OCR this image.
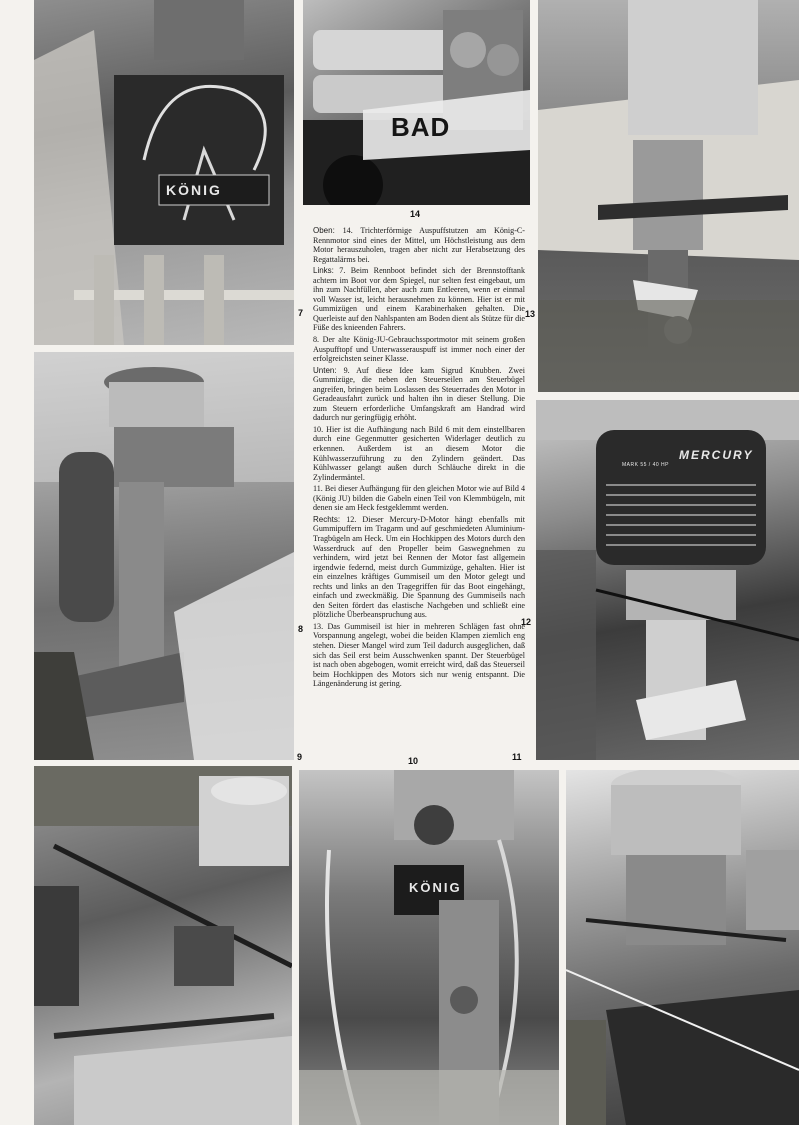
KÖNIG
7
BAD
14
13
8
MERCURY
MARK 55 / 40 HP
12

Oben: 14. Trichterförmige Auspuffstutzen am König-C-Rennmotor sind eines der Mittel, um Höchstleistung aus dem Motor herauszuholen, tragen aber nicht zur Herabsetzung des Regattalärms bei.

Links: 7. Beim Rennboot befindet sich der Brennstofftank achtern im Boot vor dem Spiegel, nur selten fest eingebaut, um ihn zum Nachfüllen, aber auch zum Entleeren, wenn er einmal voll Wasser ist, leicht herausnehmen zu können. Hier ist er mit Gummizügen und einem Karabinerhaken gehalten. Die Querleiste auf den Nahlspanten am Boden dient als Stütze für die Füße des knieenden Fahrers.

8. Der alte König-JU-Gebrauchssportmotor mit seinem großen Auspufftopf und Unterwasserauspuff ist immer noch einer der erfolgreichsten seiner Klasse.

Unten: 9. Auf diese Idee kam Sigrud Knubben. Zwei Gummizüge, die neben den Steuerseilen am Steuerbügel angreifen, bringen beim Loslassen des Steuerrades den Motor in Geradeausfahrt zurück und halten ihn in dieser Stellung. Die zum Steuern erforderliche Umfangskraft am Handrad wird dadurch nur geringfügig erhöht.

10. Hier ist die Aufhängung nach Bild 6 mit dem einstellbaren durch eine Gegenmutter gesicherten Widerlager deutlich zu erkennen. Außerdem ist an diesem Motor die Kühlwasserzuführung zu den Zylindern geändert. Das Kühlwasser gelangt außen durch Schläuche direkt in die Zylindermäntel.

11. Bei dieser Aufhängung für den gleichen Motor wie auf Bild 4 (König JU) bilden die Gabeln einen Teil von Klemmbügeln, mit denen sie am Heck festgeklemmt werden.

Rechts: 12. Dieser Mercury-D-Motor hängt ebenfalls mit Gummipuffern im Tragarm und auf geschmiedeten Aluminium-Tragbügeln am Heck. Um ein Hochkippen des Motors durch den Wasserdruck auf den Propeller beim Gaswegnehmen zu verhindern, wird jetzt bei Rennen der Motor fast allgemein irgendwie federnd, meist durch Gummizüge, gehalten. Hier ist ein einzelnes kräftiges Gummiseil um den Motor gelegt und rechts und links an den Tragegriffen für das Boot eingehängt, einfach und zweckmäßig. Die Spannung des Gummiseils nach den Seiten fördert das elastische Nachgeben und schließt eine plötzliche Überbeanspruchung aus.

13. Das Gummiseil ist hier in mehreren Schlägen fast ohne Vorspannung angelegt, wobei die beiden Klampen ziemlich eng stehen. Dieser Mangel wird zum Teil dadurch ausgeglichen, daß sich das Seil erst beim Ausschwenken spannt. Der Steuerbügel ist nach oben abgebogen, womit erreicht wird, daß das Steuerseil beim Hochkippen des Motors sich nur wenig entspannt. Die Längenänderung ist gering.

9	10	11
KÖNIG
